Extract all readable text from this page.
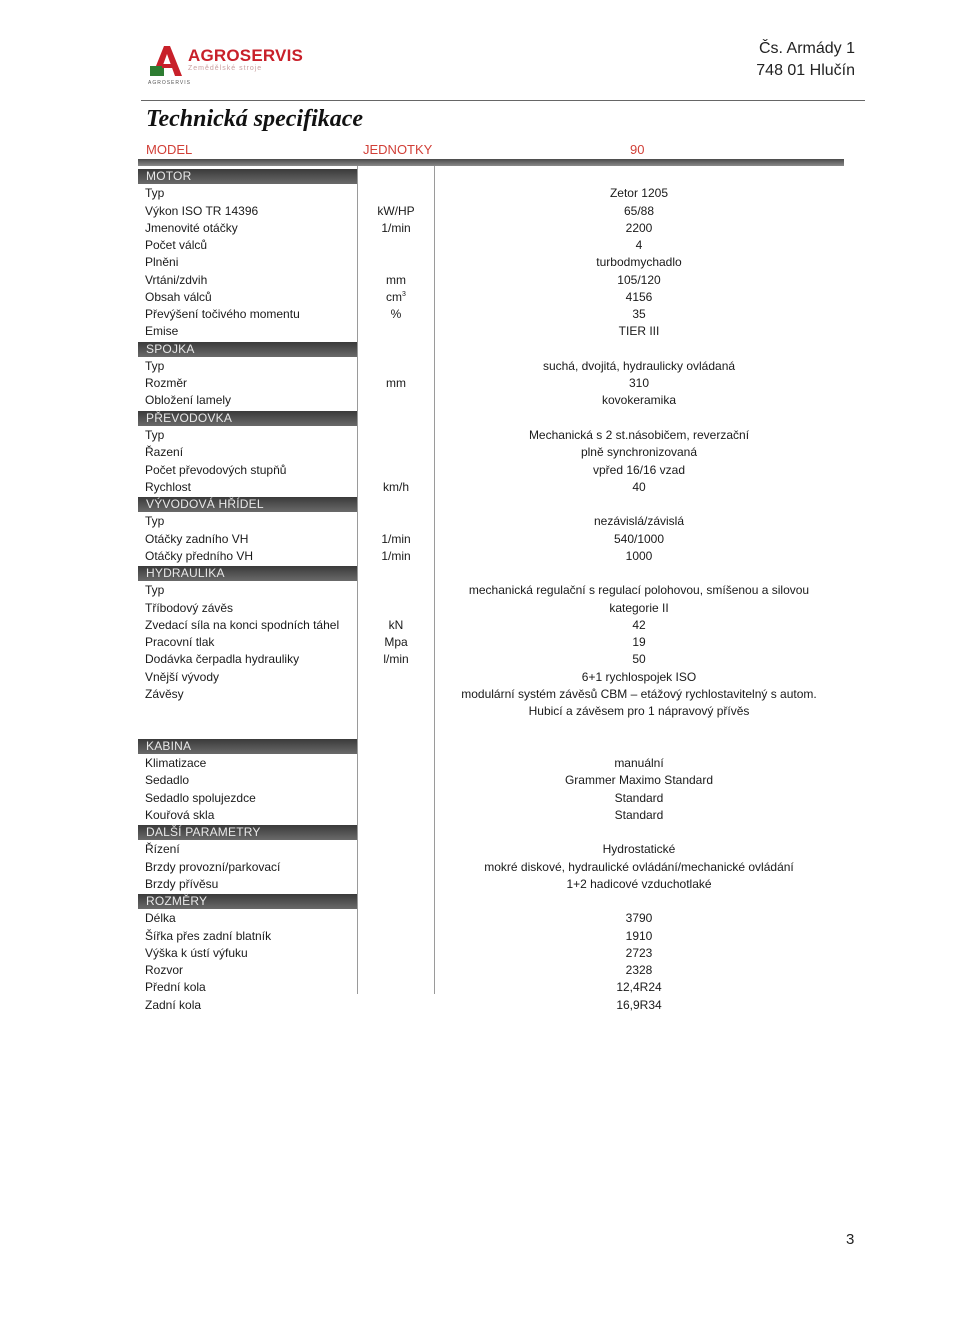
AGROSERVIS
Zemědělské stroje
AGROSERVIS
Čs. Armády 1
748 01 Hlučín
Technická specifikace
MODEL	JEDNOTKY	90
MOTOR
Typ	Zetor 1205
Výkon ISO TR 14396	kW/HP	65/88
Jmenovité otáčky	1/min	2200
Počet válců	4
Plněni	turbodmychadlo
Vrtáni/zdvih	mm	105/120
Obsah válců	$cm^3$	4156
Převýšení točivého momentu	%	35
Emise	TIER III
SPOJKA
Typ	suchá, dvojitá, hydraulicky ovládaná
Rozměr	mm	310
Obložení lamely	kovokeramika
PŘEVODOVKA
Typ	Mechanická s 2 st.násobičem, reverzační
Řazení	plně synchronizovaná
Počet převodových stupňů	vpřed 16/16 vzad
Rychlost	km/h	40
VÝVODOVÁ HŘÍDEL
Typ	nezávislá/závislá
Otáčky zadního VH	1/min	540/1000
Otáčky předního VH	1/min	1000
HYDRAULIKA
Typ	mechanická regulační s regulací polohovou, smíšenou a silovou
Tříbodový závěs	kategorie II
Zvedací síla na konci spodních táhel	kN	42
Pracovní tlak	Mpa	19
Dodávka čerpadla hydrauliky	l/min	50
Vnější vývody	6+1 rychlospojek ISO
Závěsy	modulární systém závěsů CBM – etážový rychlostavitelný s autom.
Hubicí a závěsem pro 1 nápravový přívěs
KABINA
Klimatizace	manuální
Sedadlo	Grammer Maximo Standard
Sedadlo spolujezdce	Standard
Kouřová skla	Standard
DALŠÍ PARAMETRY
Řízení	Hydrostatické
Brzdy provozní/parkovací	mokré diskové, hydraulické ovládání/mechanické ovládání
Brzdy přívěsu	1+2 hadicové vzduchotlaké
ROZMĚRY
Délka	3790
Šířka přes zadní blatník	1910
Výška k ústí výfuku	2723
Rozvor	2328
Přední kola	12,4R24
Zadní kola	16,9R34
3
